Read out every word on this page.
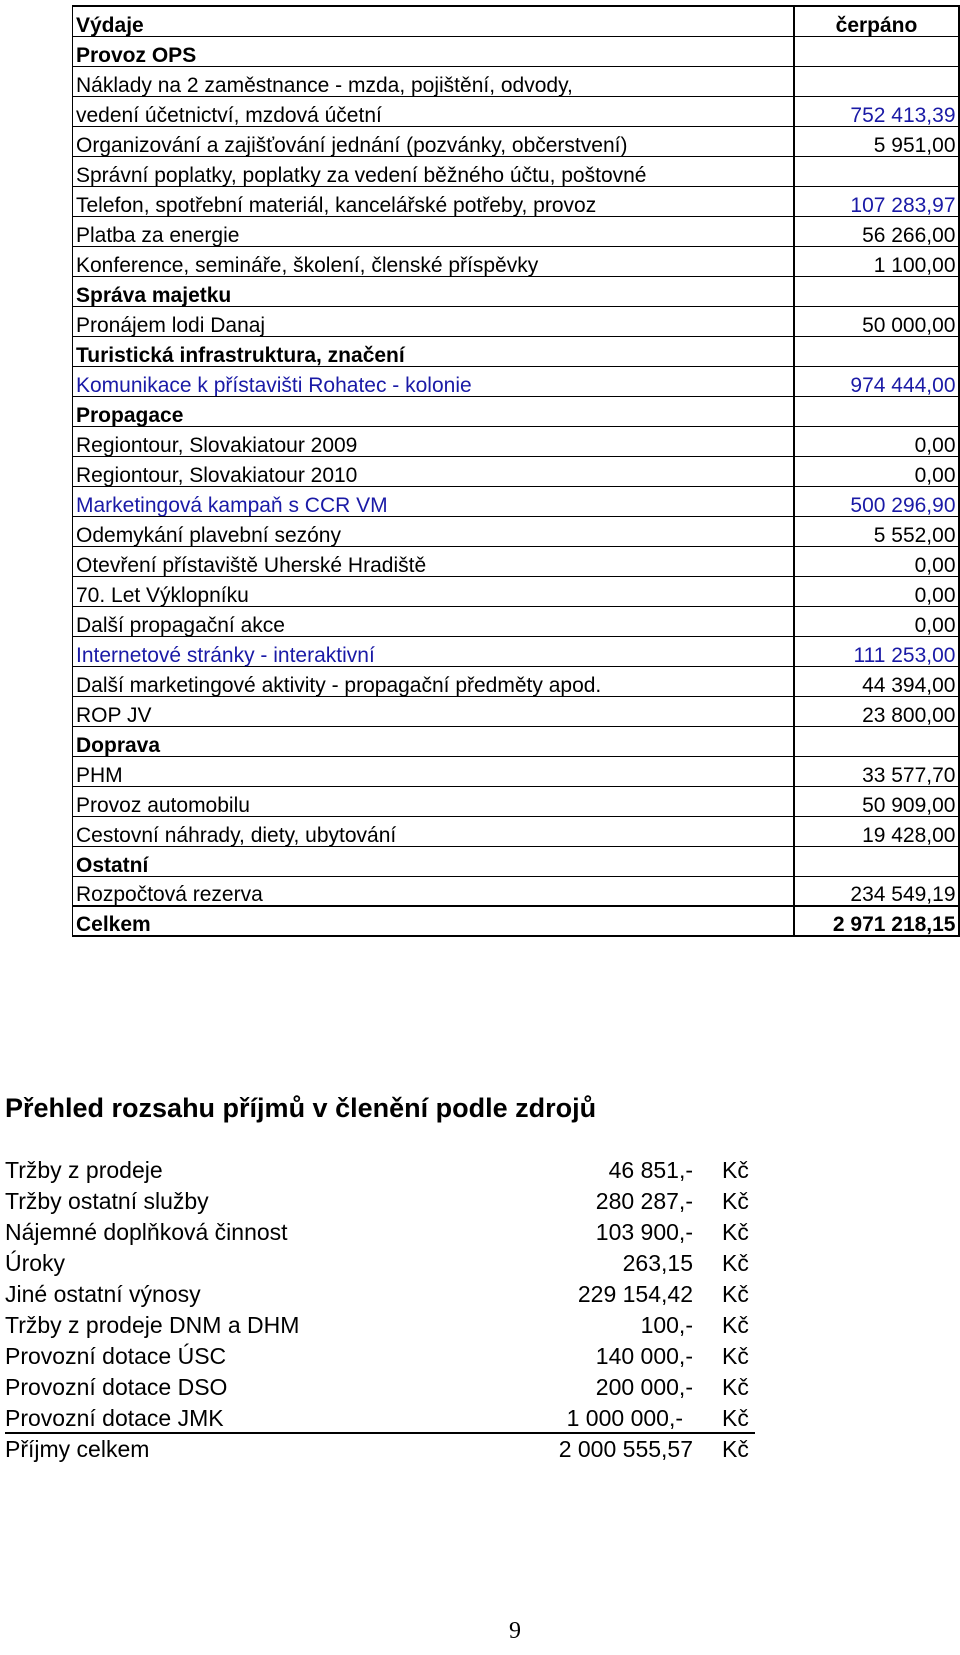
Výdaje	čerpáno
Provoz OPS	
Náklady na 2 zaměstnance - mzda, pojištění, odvody,	
vedení účetnictví, mzdová účetní	752 413,39
Organizování a zajišťování jednání (pozvánky, občerstvení)	5 951,00
Správní poplatky, poplatky za vedení běžného účtu, poštovné	
Telefon, spotřební materiál, kancelářské potřeby, provoz	107 283,97
Platba za energie	56 266,00
Konference, semináře, školení, členské příspěvky	1 100,00
Správa majetku	
Pronájem lodi Danaj	50 000,00
Turistická infrastruktura, značení	
Komunikace k přístavišti Rohatec - kolonie	974 444,00
Propagace	
Regiontour, Slovakiatour 2009	0,00
Regiontour, Slovakiatour 2010	0,00
Marketingová kampaň s CCR VM	500 296,90
Odemykání plavební sezóny	5 552,00
Otevření přístaviště Uherské Hradiště	0,00
70. Let Výklopníku	0,00
Další propagační akce	0,00
Internetové stránky - interaktivní	111 253,00
Další marketingové aktivity - propagační předměty apod.	44 394,00
ROP JV	23 800,00
Doprava	
PHM	33 577,70
Provoz automobilu	50 909,00
Cestovní náhrady, diety, ubytování	19 428,00
Ostatní	
Rozpočtová rezerva	234 549,19
Celkem	2 971 218,15
Přehled rozsahu příjmů v členění podle zdrojů
Tržby z prodeje	46 851,- Kč
Tržby ostatní služby	280 287,- Kč
Nájemné doplňková činnost	103 900,- Kč
Úroky	263,15 Kč
Jiné ostatní výnosy	229 154,42 Kč
Tržby z prodeje DNM a DHM	100,- Kč
Provozní dotace ÚSC	140 000,- Kč
Provozní dotace DSO	200 000,- Kč
Provozní dotace JMK	1 000 000,- Kč
Příjmy celkem	2 000 555,57 Kč
9
